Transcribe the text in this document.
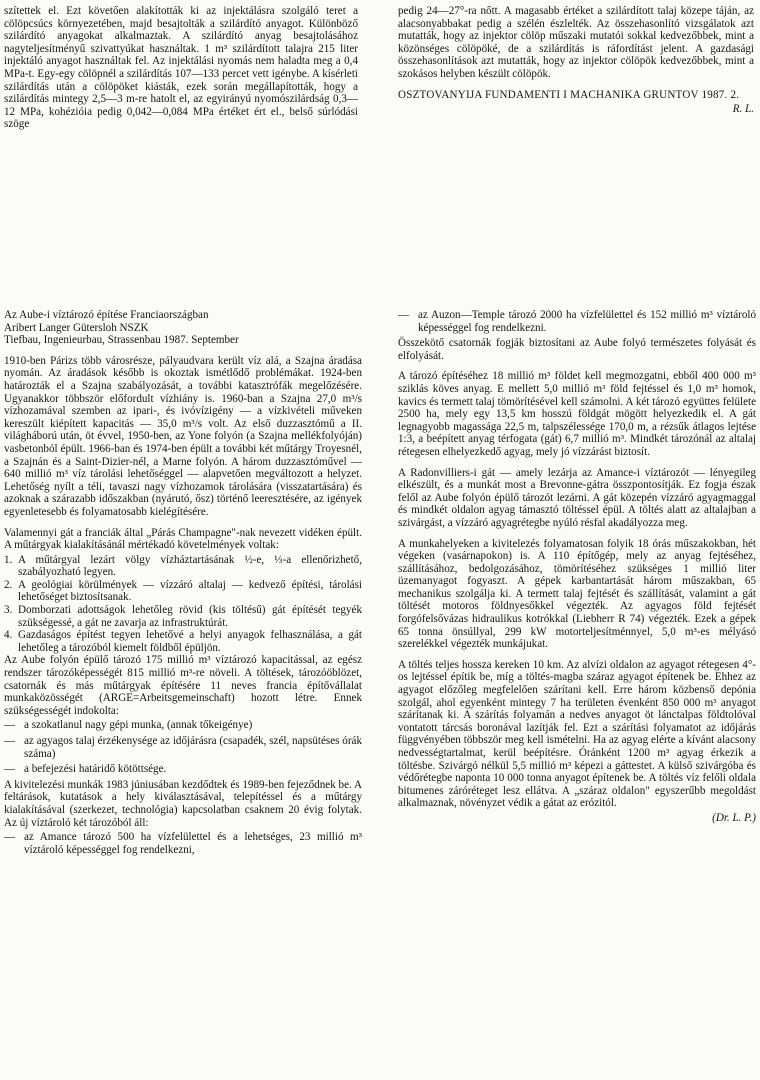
szítettek el. Ezt követően alakították ki az injektálásra szolgáló teret a cölöpcsúcs környezetében, majd besajtolták a szilárdító anyagot. Különböző szilárdító anyagokat alkalmaztak. A szilárdító anyag besajtolásához nagyteljesítményű szivattyúkat használtak. 1 m³ szilárdított talajra 215 liter injektáló anyagot használtak fel. Az injektálási nyomás nem haladta meg a 0,4 MPa-t. Egy-egy cölöpnél a szilárdítás 107—133 percet vett igénybe. A kísérleti szilárdítás után a cölöpöket kiásták, ezek során megállapították, hogy a szilárdítás mintegy 2,5—3 m-re hatolt el, az egyirányú nyomószilárdság 0,3—12 MPa, kohézióia pedig 0,042—0,084 MPa értéket ért el., belső súrlódási szöge

pedig 24—27°-ra nőtt. A magasabb értéket a szilárdított talaj közepe táján, az alacsonyabbakat pedig a szélén észlelték. Az összehasonlító vizsgálatok azt mutatták, hogy az injektor cölöp műszaki mutatói sokkal kedvezőbbek, mint a közönséges cölöpöké, de a szilárdítás is ráfordítást jelent. A gazdasági összehasonlítások azt mutatták, hogy az injektor cölöpök kedvezőbbek, mint a szokásos helyben készült cölöpök.

OSZTOVANYIJA FUNDAMENTI I MACHANIKA GRUNTOV 1987. 2.

R. L.

Az Aube-i víztározó építése Franciaországban
Aribert Langer Gütersloh NSZK
Tiefbau, Ingenieurbau, Strassenbau 1987. September

1910-ben Párizs több városrésze, pályaudvara került víz alá, a Szajna áradása nyomán. Az áradások később is okoztak ismétlődő problémákat. 1924-ben határozták el a Szajna szabályozását, a további katasztrófák megelőzésére. Ugyanakkor többször előfordult vízhiány is. 1960-ban a Szajna 27,0 m³/s vízhozamával szemben az ipari-, és ivóvízigény — a vízkivételi műveken kereszült kiépített kapacitás — 35,0 m³/s volt. Az első duzzasztómű a II. világháború után, öt évvel, 1950-ben, az Yone folyón (a Szajna mellékfolyóján) vasbetonból épült. 1966-ban és 1974-ben épült a további két műtárgy Troyesnél, a Szajnán és a Saint-Dizier-nél, a Marne folyón. A három duzzasztóművel — 640 millió m³ víz tárolási lehetőséggel — alapvetően megváltozott a helyzet. Lehetőség nyílt a téli, tavaszi nagy vízhozamok tárolására (visszatartására) és azoknak a szárazabb időszakban (nyárutó, ősz) történő leeresztésére, az igények egyenletesebb és folyamatosabb kielégítésére.

Valamennyi gát a franciák által „Párás Champagne"-nak nevezett vidéken épült. A műtárgyak kialakításánál mértékadó követelmények voltak:

1. A műtárgyal lezárt völgy vízháztartásának ½-e, ⅓-a ellenőrizhető, szabályozható legyen.
2. A geológiai körülmények — vízzáró altalaj — kedvező építési, tárolási lehetőséget biztosítsanak.
3. Domborzati adottságok lehetőleg rövid (kis töltésű) gát építését tegyék szükségessé, a gát ne zavarja az infrastruktúrát.
4. Gazdaságos építést tegyen lehetővé a helyi anyagok felhasználása, a gát lehetőleg a tározóból kiemelt földből épüljön.

Az Aube folyón épülő tározó 175 millió m³ víztározó kapacitással, az egész rendszer tározóképességét 815 millió m³-re növeli. A töltések, tározóöblözet, csatornák és más műtárgyak építésére 11 neves francia építővállalat munkaközösségét (ARGE=Arbeitsgemeinschaft) hozott létre. Ennek szükségességét indokolta:

— a szokatlanul nagy gépi munka, (annak tőkeigénye)
— az agyagos talaj érzékenysége az időjárásra (csapadék, szél, napsütéses órák száma)
— a befejezési határidő kötöttsége.

A kivitelezési munkák 1983 júniusában kezdődtek és 1989-ben fejeződnek be. A feltárások, kutatások a hely kiválasztásával, telepítéssel és a műtárgy kialakításával (szerkezet, technológia) kapcsolatban csaknem 20 évig folytak. Az új víztároló két tározóból áll:

— az Amance tározó 500 ha vízfelülettel és a lehetséges, 23 millió m³ víztároló képességgel fog rendelkezni,
— az Auzon—Temple tározó 2000 ha vízfelülettel és 152 millió m³ víztároló képességgel fog rendelkezni.

Összekötő csatornák fogják biztosítani az Aube folyó természetes folyását és elfolyását.

A tározó építéséhez 18 millió m³ földet kell megmozgatni, ebből 400 000 m³ sziklás köves anyag. E mellett 5,0 millió m³ föld fejtéssel és 1,0 m³ homok, kavics és termett talaj tömörítésével kell számolni. A két tározó együttes felülete 2500 ha, mely egy 13,5 km hosszú földgát mögött helyezkedik el. A gát legnagyobb magassága 22,5 m, talpszélessége 170,0 m, a rézsűk átlagos lejtése 1:3, a beépített anyag térfogata (gát) 6,7 millió m³. Mindkét tározónál az altalaj rétegesen elhelyezkedő agyag, mely jó vízzárást biztosít.

A Radonvilliers-i gát — amely lezárja az Amance-i víztározót — lényegileg elkészült, és a munkát most a Brevonne-gátra összpontosítják. Ez fogja észak felől az Aube folyón épülő tározót lezárni. A gát közepén vízzáró agyagmaggal és mindkét oldalon agyag támasztó töltéssel épül. A töltés alatt az altalajban a szivárgást, a vízzáró agyagrétegbe nyúló résfal akadályozza meg.

A munkahelyeken a kivitelezés folyamatosan folyik 18 órás műszakokban, hét végeken (vasárnapokon) is. A 110 építőgép, mely az anyag fejtéséhez, szállításához, bedolgozásához, tömörítéséhez szükséges 1 millió liter üzemanyagot fogyaszt. A gépek karbantartását három műszakban, 65 mechanikus szolgálja ki. A termett talaj fejtését és szállítását, valamint a gát töltését motoros földnyesőkkel végezték. Az agyagos föld fejtését forgófelsővázas hidraulikus kotrókkal (Liebherr R 74) végezték. Ezek a gépek 65 tonna önsúllyal, 299 kW motorteljesítménnyel, 5,0 m³-es mélyásó szerelékkel végezték munkájukat.

A töltés teljes hossza kereken 10 km. Az alvízi oldalon az agyagot rétegesen 4°-os lejtéssel építik be, míg a töltés-magba száraz agyagot építenek be. Ehhez az agyagot előzőleg megfelelően szárítani kell. Erre három közbenső depónia szolgál, ahol egyenként mintegy 7 ha területen évenként 850 000 m³ anyagot szárítanak ki. A szárítás folyamán a nedves anyagot öt lánctalpas földtolóval vontatott tárcsás boronával lazítják fel. Ezt a szárítási folyamatot az időjárás függvényében többször meg kell ismételni. Ha az agyag elérte a kívánt alacsony nedvességtartalmat, kerül beépítésre. Óránként 1200 m³ agyag érkezik a töltésbe. Szivárgó nélkül 5,5 millió m³ képezi a gáttestet. A külső szivárgóba és védőrétegbe naponta 10 000 tonna anyagot építenek be. A töltés víz felőli oldala bitumenes záróréteget lesz ellátva. A „száraz oldalon" egyszerűbb megoldást alkalmaznak, növényzet védik a gátat az erózitól.

(Dr. L. P.)
